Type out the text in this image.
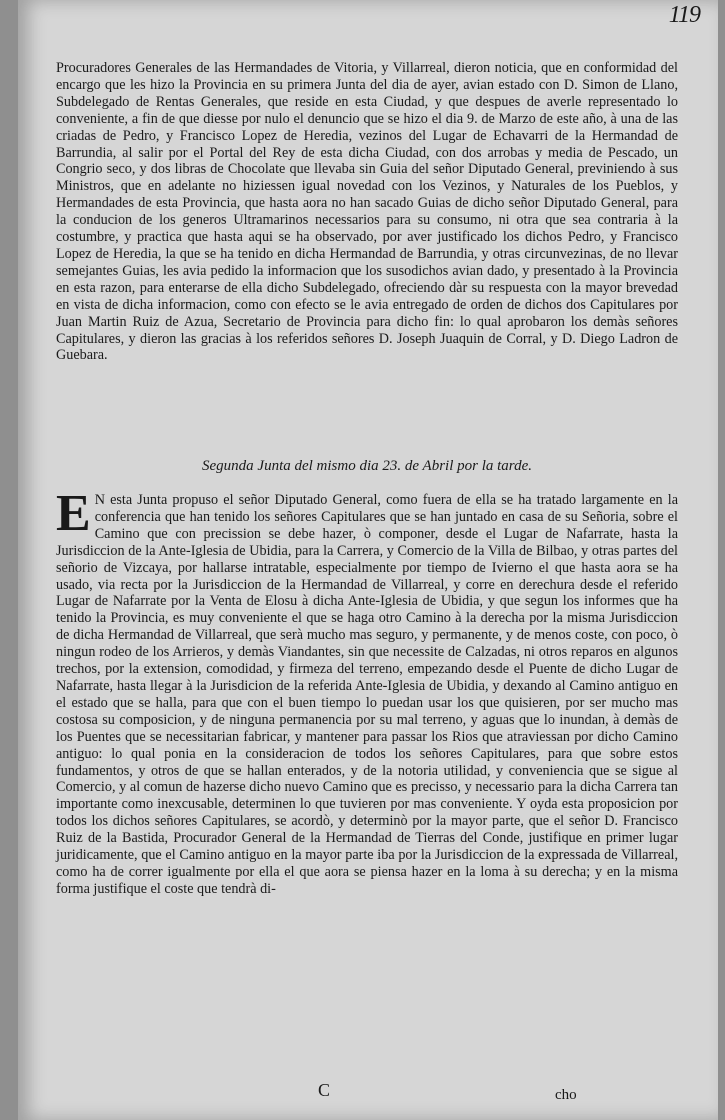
119

Procuradores Generales de las Hermandades de Vitoria, y Villarreal, dieron noticia, que en conformidad del encargo que les hizo la Provincia en su primera Junta del dia de ayer, avian estado con D. Simon de Llano, Subdelegado de Rentas Generales, que reside en esta Ciudad, y que despues de averle representado lo conveniente, a fin de que diesse por nulo el denuncio que se hizo el dia 9. de Marzo de este año, à una de las criadas de Pedro, y Francisco Lopez de Heredia, vezinos del Lugar de Echavarri de la Hermandad de Barrundia, al salir por el Portal del Rey de esta dicha Ciudad, con dos arrobas y media de Pescado, un Congrio seco, y dos libras de Chocolate que llevaba sin Guia del señor Diputado General, previniendo à sus Ministros, que en adelante no hiziessen igual novedad con los Vezinos, y Naturales de los Pueblos, y Hermandades de esta Provincia, que hasta aora no han sacado Guias de dicho señor Diputado General, para la conducion de los generos Ultramarinos necessarios para su consumo, ni otra que sea contraria à la costumbre, y practica que hasta aqui se ha observado, por aver justificado los dichos Pedro, y Francisco Lopez de Heredia, la que se ha tenido en dicha Hermandad de Barrundia, y otras circunvezinas, de no llevar semejantes Guias, les avia pedido la informacion que los susodichos avian dado, y presentado à la Provincia en esta razon, para enterarse de ella dicho Subdelegado, ofreciendo dàr su respuesta con la mayor brevedad en vista de dicha informacion, como con efecto se le avia entregado de orden de dichos dos Capitulares por Juan Martin Ruiz de Azua, Secretario de Provincia para dicho fin: lo qual aprobaron los demàs señores Capitulares, y dieron las gracias à los referidos señores D. Joseph Juaquin de Corral, y D. Diego Ladron de Guebara.

Segunda Junta del mismo dia 23. de Abril por la tarde.

E N esta Junta propuso el señor Diputado General, como fuera de ella se ha tratado largamente en la conferencia que han tenido los señores Capitulares que se han juntado en casa de su Señoria, sobre el Camino que con precission se debe hazer, ò componer, desde el Lugar de Nafarrate, hasta la Jurisdiccion de la Ante-Iglesia de Ubidia, para la Carrera, y Comercio de la Villa de Bilbao, y otras partes del señorio de Vizcaya, por hallarse intratable, especialmente por tiempo de Ivierno el que hasta aora se ha usado, via recta por la Jurisdiccion de la Hermandad de Villarreal, y corre en derechura desde el referido Lugar de Nafarrate por la Venta de Elosu à dicha Ante-Iglesia de Ubidia, y que segun los informes que ha tenido la Provincia, es muy conveniente el que se haga otro Camino à la derecha por la misma Jurisdiccion de dicha Hermandad de Villarreal, que serà mucho mas seguro, y permanente, y de menos coste, con poco, ò ningun rodeo de los Arrieros, y demàs Viandantes, sin que necessite de Calzadas, ni otros reparos en algunos trechos, por la extension, comodidad, y firmeza del terreno, empezando desde el Puente de dicho Lugar de Nafarrate, hasta llegar à la Jurisdicion de la referida Ante-Iglesia de Ubidia, y dexando al Camino antiguo en el estado que se halla, para que con el buen tiempo lo puedan usar los que quisieren, por ser mucho mas costosa su composicion, y de ninguna permanencia por su mal terreno, y aguas que lo inundan, à demàs de los Puentes que se necessitarian fabricar, y mantener para passar los Rios que atraviessan por dicho Camino antiguo: lo qual ponia en la consideracion de todos los señores Capitulares, para que sobre estos fundamentos, y otros de que se hallan enterados, y de la notoria utilidad, y conveniencia que se sigue al Comercio, y al comun de hazerse dicho nuevo Camino que es precisso, y necessario para la dicha Carrera tan importante como inexcusable, determinen lo que tuvieren por mas conveniente. Y oyda esta proposicion por todos los dichos señores Capitulares, se acordò, y determinò por la mayor parte, que el señor D. Francisco Ruiz de la Bastida, Procurador General de la Hermandad de Tierras del Conde, justifique en primer lugar juridicamente, que el Camino antiguo en la mayor parte iba por la Jurisdiccion de la expressada de Villarreal, como ha de correr igualmente por ella el que aora se piensa hazer en la loma à su derecha; y en la misma forma justifique el coste que tendrà di-

C	cho
